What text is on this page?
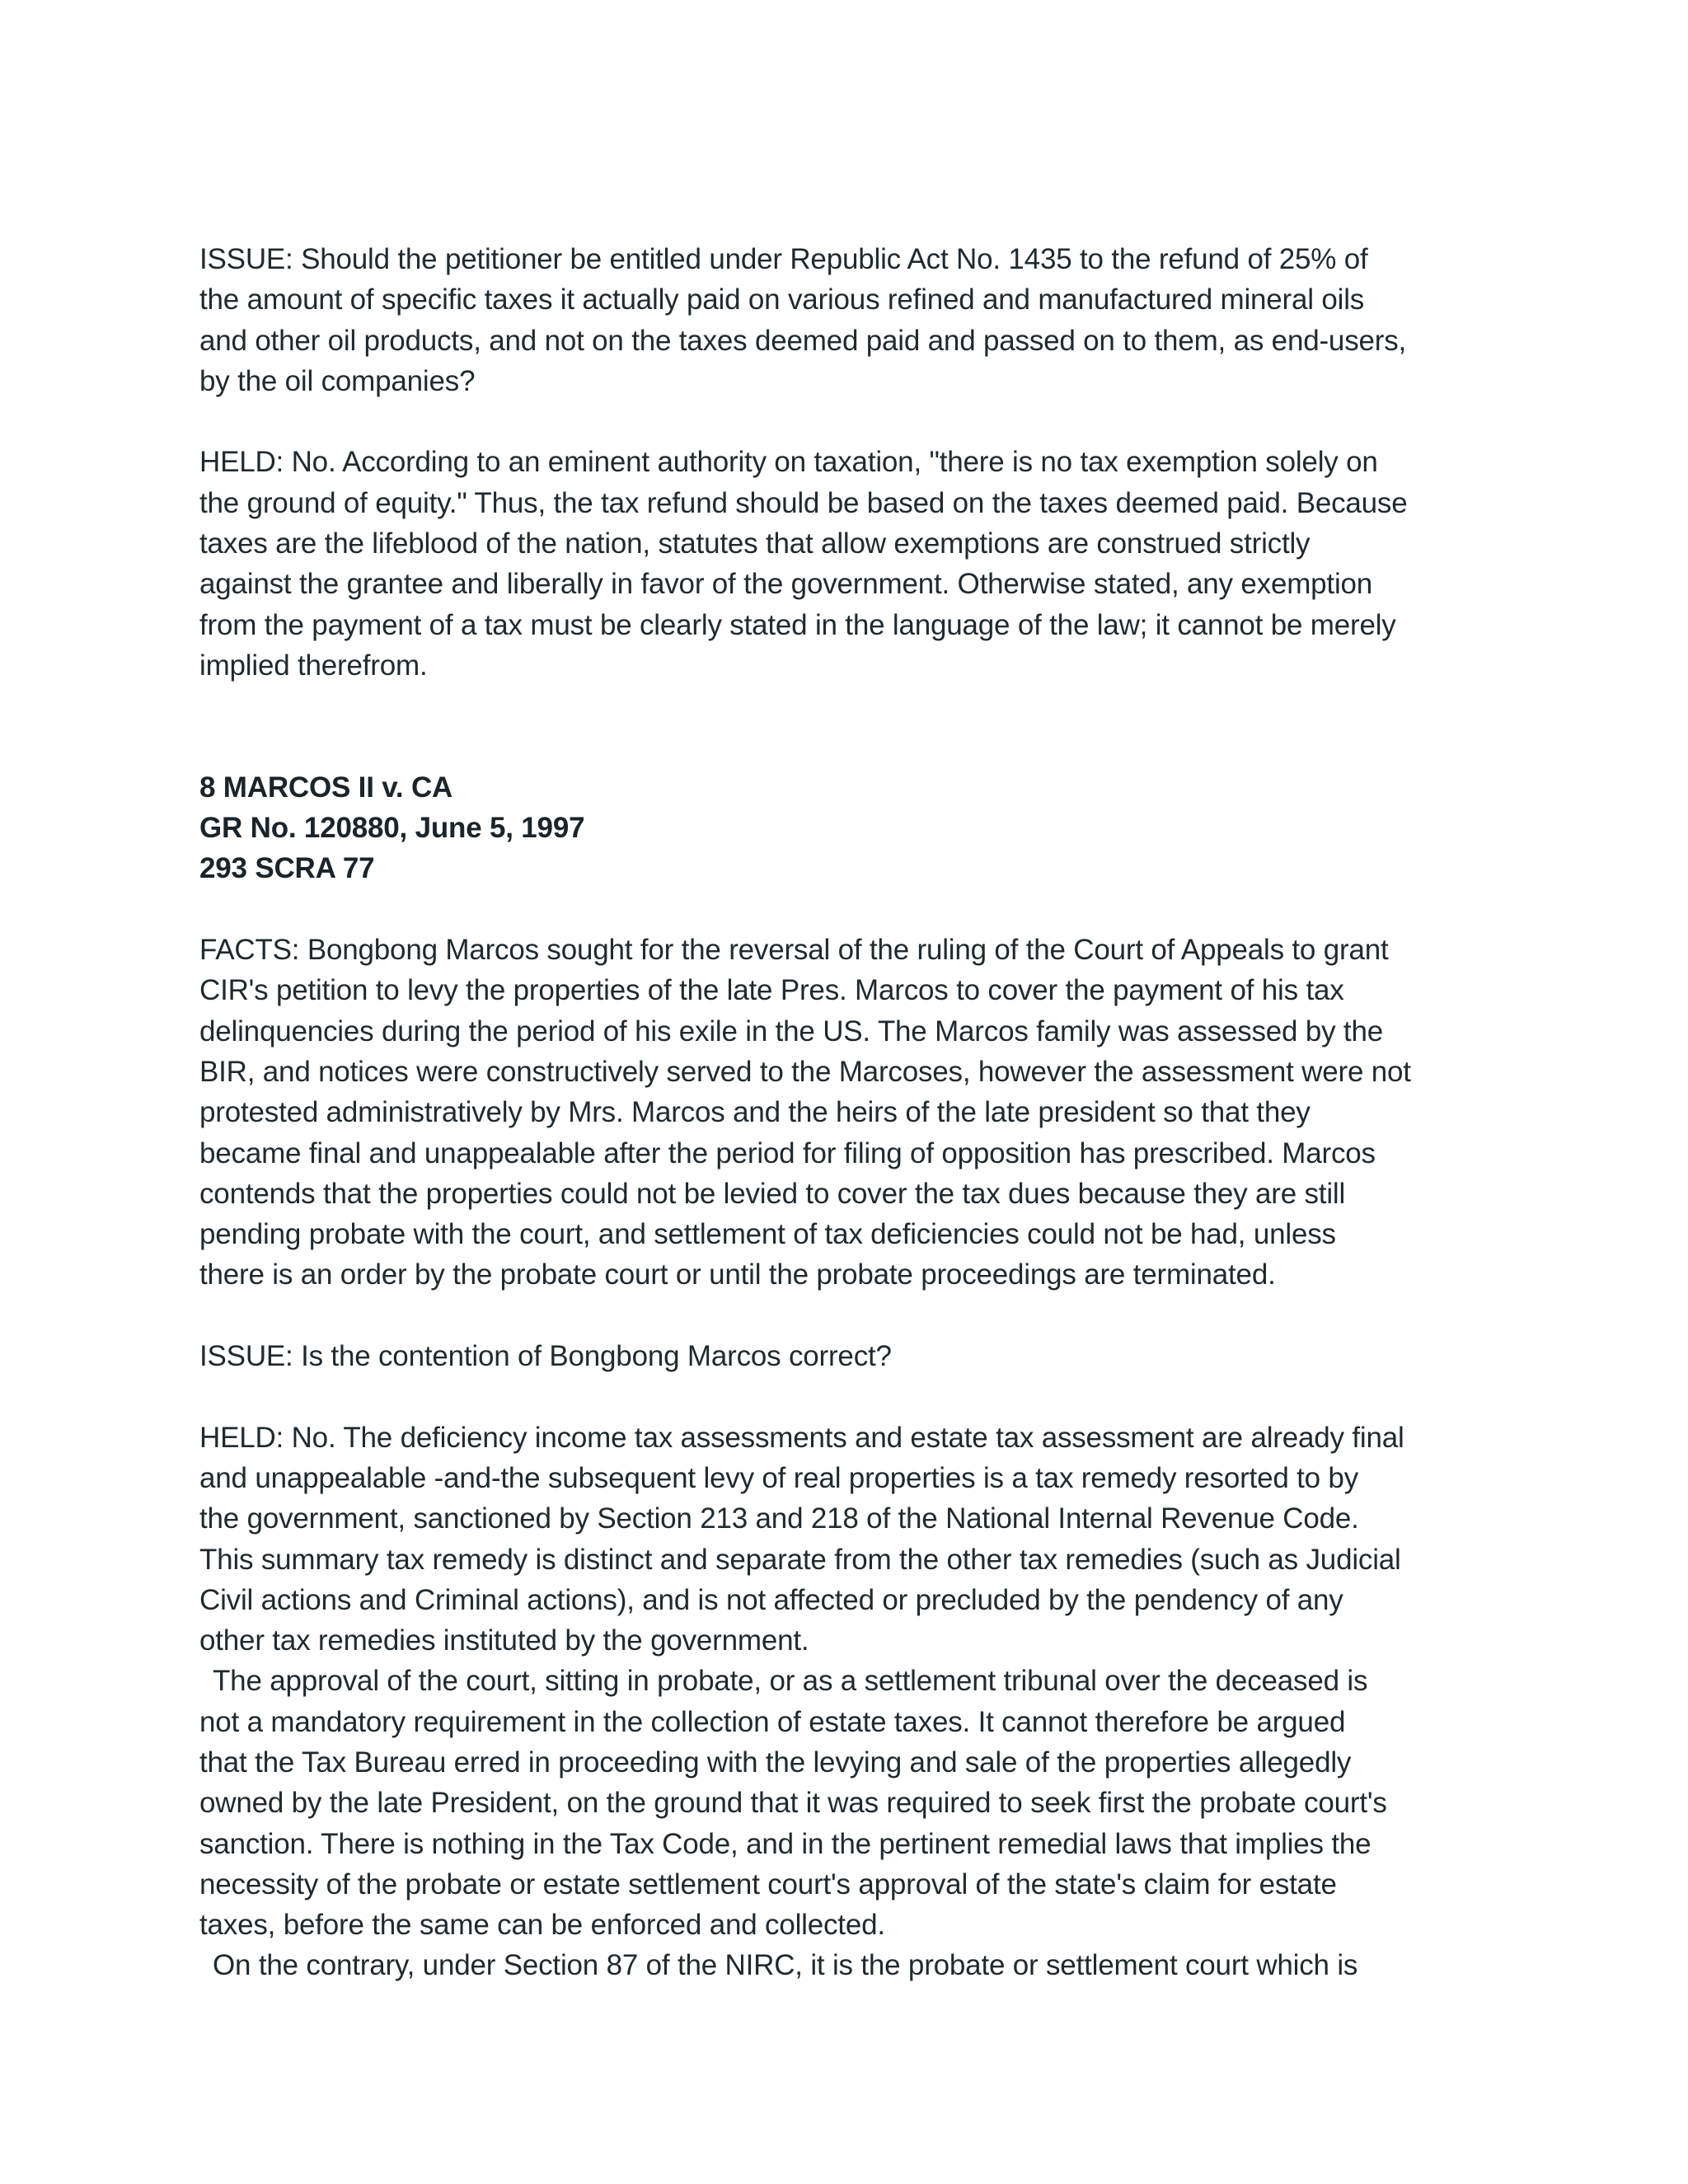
ISSUE: Should the petitioner be entitled under Republic Act No. 1435 to the refund of 25% of
the amount of specific taxes it actually paid on various refined and manufactured mineral oils
and other oil products, and not on the taxes deemed paid and passed on to them, as end-users,
by the oil companies?
HELD: No. According to an eminent authority on taxation, "there is no tax exemption solely on
the ground of equity." Thus, the tax refund should be based on the taxes deemed paid. Because
taxes are the lifeblood of the nation, statutes that allow exemptions are construed strictly
against the grantee and liberally in favor of the government. Otherwise stated, any exemption
from the payment of a tax must be clearly stated in the language of the law; it cannot be merely
implied therefrom.
8 MARCOS II v. CA
GR No. 120880, June 5, 1997
293 SCRA 77
FACTS: Bongbong Marcos sought for the reversal of the ruling of the Court of Appeals to grant
CIR's petition to levy the properties of the late Pres. Marcos to cover the payment of his tax
delinquencies during the period of his exile in the US. The Marcos family was assessed by the
BIR, and notices were constructively served to the Marcoses, however the assessment were not
protested administratively by Mrs. Marcos and the heirs of the late president so that they
became final and unappealable after the period for filing of opposition has prescribed. Marcos
contends that the properties could not be levied to cover the tax dues because they are still
pending probate with the court, and settlement of tax deficiencies could not be had, unless
there is an order by the probate court or until the probate proceedings are terminated.
ISSUE: Is the contention of Bongbong Marcos correct?
HELD: No. The deficiency income tax assessments and estate tax assessment are already final
and unappealable -and-the subsequent levy of real properties is a tax remedy resorted to by
the government, sanctioned by Section 213 and 218 of the National Internal Revenue Code.
This summary tax remedy is distinct and separate from the other tax remedies (such as Judicial
Civil actions and Criminal actions), and is not affected or precluded by the pendency of any
other tax remedies instituted by the government.
The approval of the court, sitting in probate, or as a settlement tribunal over the deceased is
not a mandatory requirement in the collection of estate taxes. It cannot therefore be argued
that the Tax Bureau erred in proceeding with the levying and sale of the properties allegedly
owned by the late President, on the ground that it was required to seek first the probate court's
sanction. There is nothing in the Tax Code, and in the pertinent remedial laws that implies the
necessity of the probate or estate settlement court's approval of the state's claim for estate
taxes, before the same can be enforced and collected.
On the contrary, under Section 87 of the NIRC, it is the probate or settlement court which is
